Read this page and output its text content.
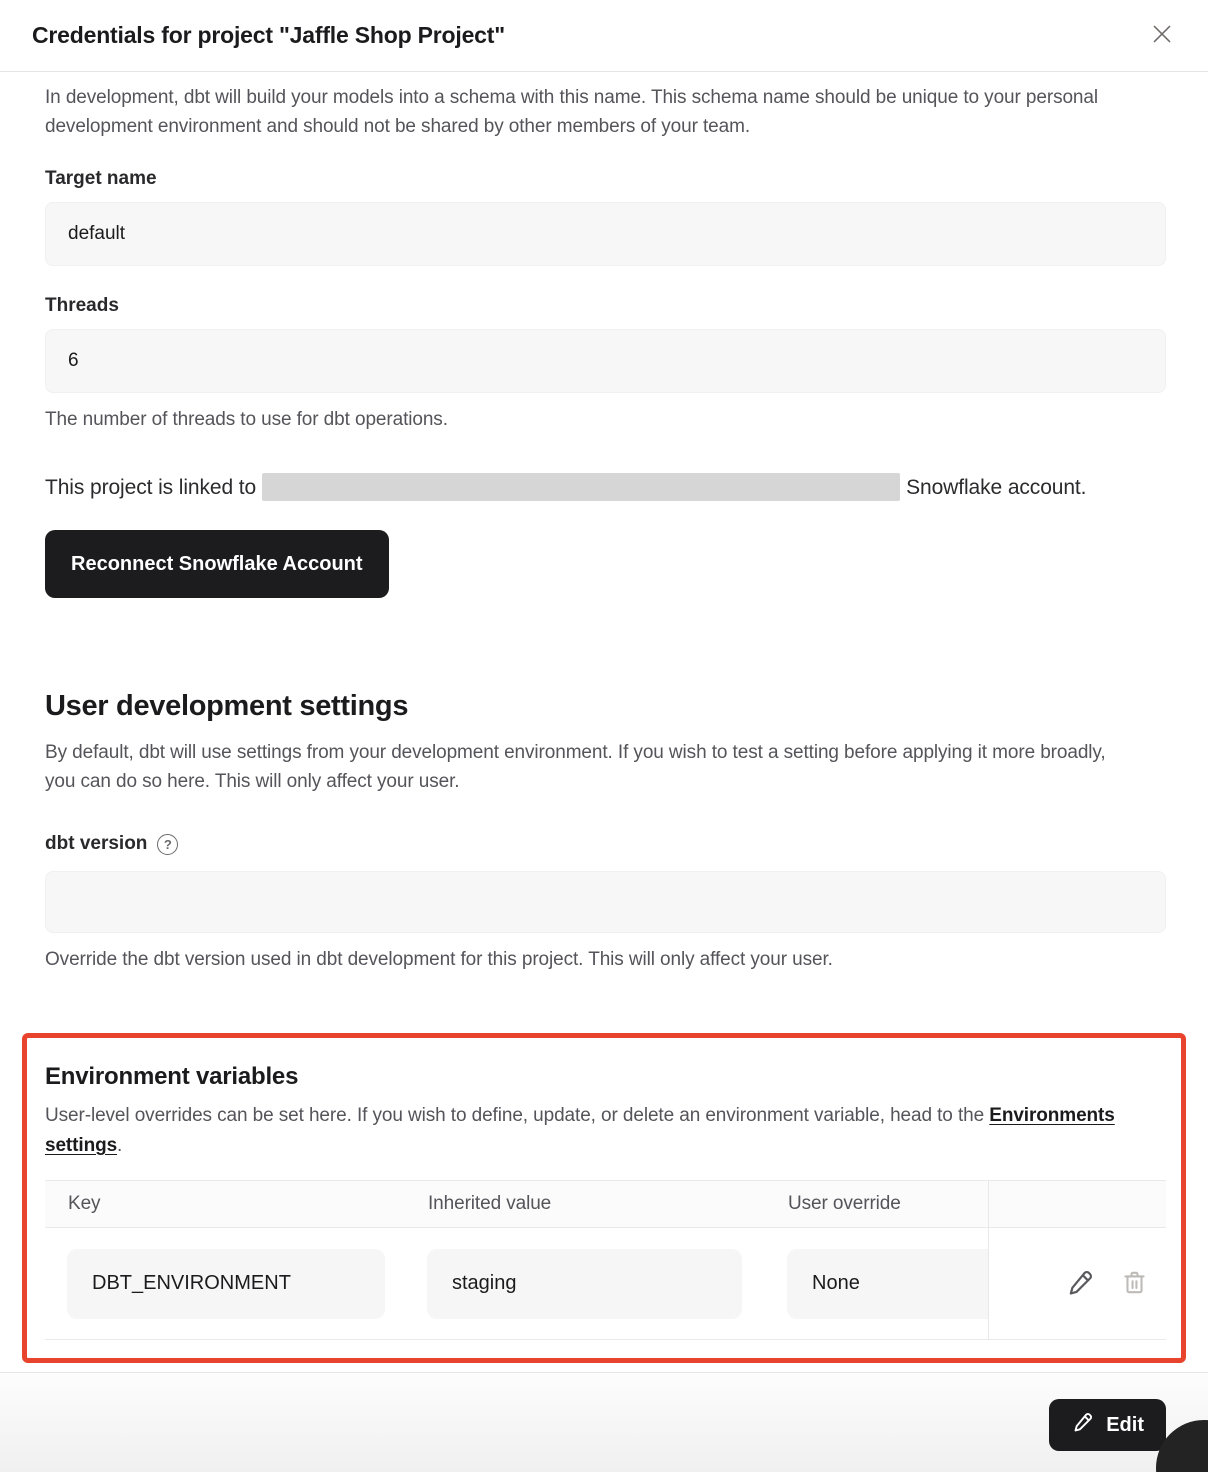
Credentials for project "Jaffle Shop Project"

In development, dbt will build your models into a schema with this name. This schema name should be unique to your personal development environment and should not be shared by other members of your team.

Target name
default
Threads
6
The number of threads to use for dbt operations.

This project is linked to	Snowflake account.

Reconnect Snowflake Account
User development settings

By default, dbt will use settings from your development environment. If you wish to test a setting before applying it more broadly, you can do so here. This will only affect your user.

dbt version	?
Override the dbt version used in dbt development for this project. This will only affect your user.
Environment variables

User-level overrides can be set here. If you wish to define, update, or delete an environment variable, head to the Environments settings.

Key	Inherited value	User override
DBT_ENVIRONMENT	staging	None
Edit
